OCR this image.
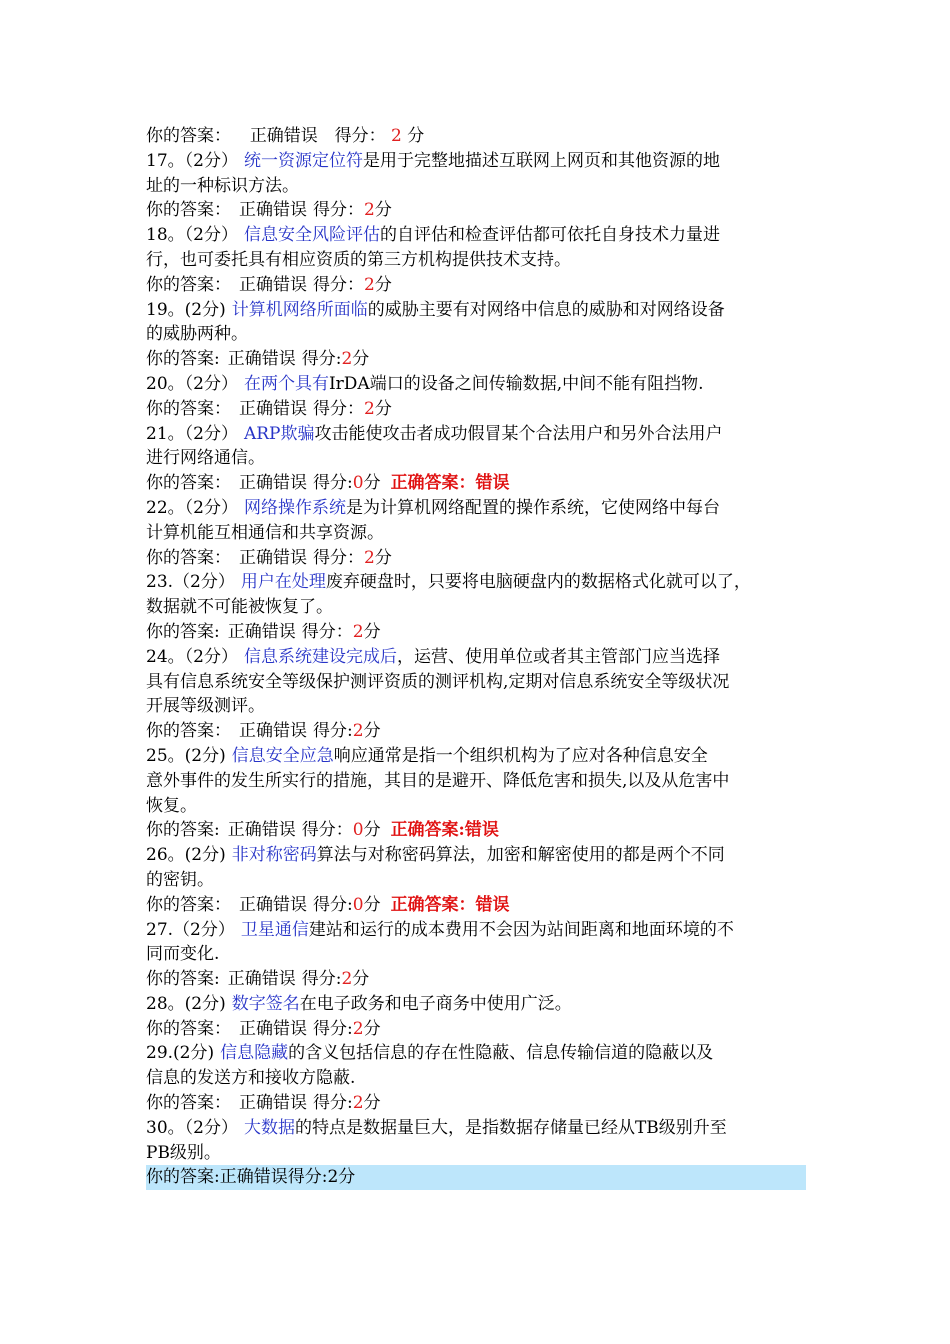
你的答案： 正确错误 得分： 2 分
17。（2分） 统一资源定位符是用于完整地描述互联网上网页和其他资源的地
址的一种标识方法。
你的答案： 正确错误 得分：2分
18。（2分） 信息安全风险评估的自评估和检查评估都可依托自身技术力量进
行，也可委托具有相应资质的第三方机构提供技术支持。
你的答案： 正确错误 得分：2分
19。(2分) 计算机网络所面临的威胁主要有对网络中信息的威胁和对网络设备
的威胁两种。
你的答案: 正确错误 得分:2分
20。（2分） 在两个具有IrDA端口的设备之间传输数据,中间不能有阻挡物.
你的答案： 正确错误 得分：2分
21。（2分） ARP欺骗攻击能使攻击者成功假冒某个合法用户和另外合法用户
进行网络通信。
你的答案： 正确错误 得分:0分 正确答案：错误
22。（2分） 网络操作系统是为计算机网络配置的操作系统，它使网络中每台
计算机能互相通信和共享资源。
你的答案： 正确错误 得分：2分
23.（2分） 用户在处理废弃硬盘时，只要将电脑硬盘内的数据格式化就可以了，
数据就不可能被恢复了。
你的答案: 正确错误 得分：2分
24。（2分） 信息系统建设完成后，运营、使用单位或者其主管部门应当选择
具有信息系统安全等级保护测评资质的测评机构,定期对信息系统安全等级状况
开展等级测评。
你的答案： 正确错误 得分:2分
25。(2分) 信息安全应急响应通常是指一个组织机构为了应对各种信息安全
意外事件的发生所实行的措施，其目的是避开、降低危害和损失,以及从危害中
恢复。
你的答案: 正确错误 得分：0分 正确答案:错误
26。(2分) 非对称密码算法与对称密码算法，加密和解密使用的都是两个不同
的密钥。
你的答案： 正确错误 得分:0分 正确答案：错误
27.（2分） 卫星通信建站和运行的成本费用不会因为站间距离和地面环境的不
同而变化.
你的答案: 正确错误 得分:2分
28。(2分) 数字签名在电子政务和电子商务中使用广泛。
你的答案： 正确错误 得分:2分
29.(2分) 信息隐藏的含义包括信息的存在性隐蔽、信息传输信道的隐蔽以及
信息的发送方和接收方隐蔽.
你的答案： 正确错误 得分:2分
30。（2分） 大数据的特点是数据量巨大，是指数据存储量已经从TB级别升至
PB级别。
你的答案:正确错误得分:2分
